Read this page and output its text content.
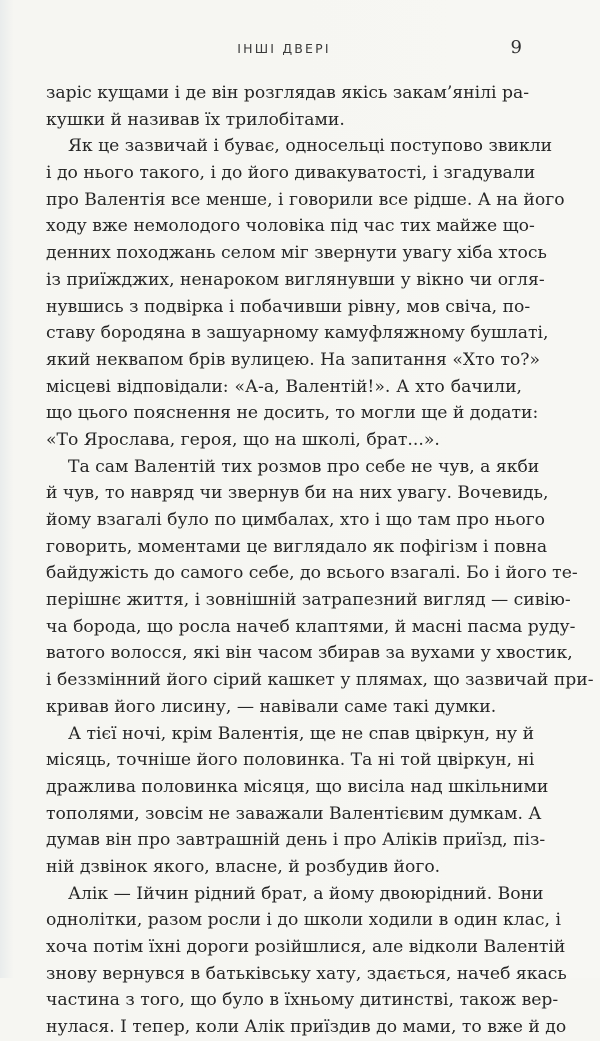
ІНШІ ДВЕРІ	9
заріс кущами і де він розглядав якісь закам’янілі ра-
кушки й називав їх трилобітами.
Як це зазвичай і буває, односельці поступово звикли
і до нього такого, і до його дивакуватості, і згадували
про Валентія все менше, і говорили все рідше. А на його
ходу вже немолодого чоловіка під час тих майже що-
денних походжань селом міг звернути увагу хіба хтось
із приїжджих, ненароком виглянувши у вікно чи огля-
нувшись з подвірка і побачивши рівну, мов свіча, по-
ставу бородяна в зашуарному камуфляжному бушлаті,
який неквапом брів вулицею. На запитання «Хто то?»
місцеві відповідали: «А-а, Валентій!». А хто бачили,
що цього пояснення не досить, то могли ще й додати:
«То Ярослава, героя, що на школі, брат...».
Та сам Валентій тих розмов про себе не чув, а якби
й чув, то навряд чи звернув би на них увагу. Вочевидь,
йому взагалі було по цимбалах, хто і що там про нього
говорить, моментами це виглядало як пофігізм і повна
байдужість до самого себе, до всього взагалі. Бо і його те-
перішнє життя, і зовнішній затрапезний вигляд — сивію-
ча борода, що росла начеб клаптями, й масні пасма руду-
ватого волосся, які він часом збирав за вухами у хвостик,
і беззмінний його сірий кашкет у плямах, що зазвичай при-
кривав його лисину, — навівали саме такі думки.
А тієї ночі, крім Валентія, ще не спав цвіркун, ну й
місяць, точніше його половинка. Та ні той цвіркун, ні
дражлива половинка місяця, що висіла над шкільними
тополями, зовсім не заважали Валентієвим думкам. А
думав він про завтрашній день і про Аліків приїзд, піз-
ній дзвінок якого, власне, й розбудив його.
Алік — Ійчин рідний брат, а йому двоюрідний. Вони
однолітки, разом росли і до школи ходили в один клас, і
хоча потім їхні дороги розійшлися, але відколи Валентій
знову вернувся в батьківську хату, здається, начеб якась
частина з того, що було в їхньому дитинстві, також вер-
нулася. І тепер, коли Алік приїздив до мами, то вже й до
